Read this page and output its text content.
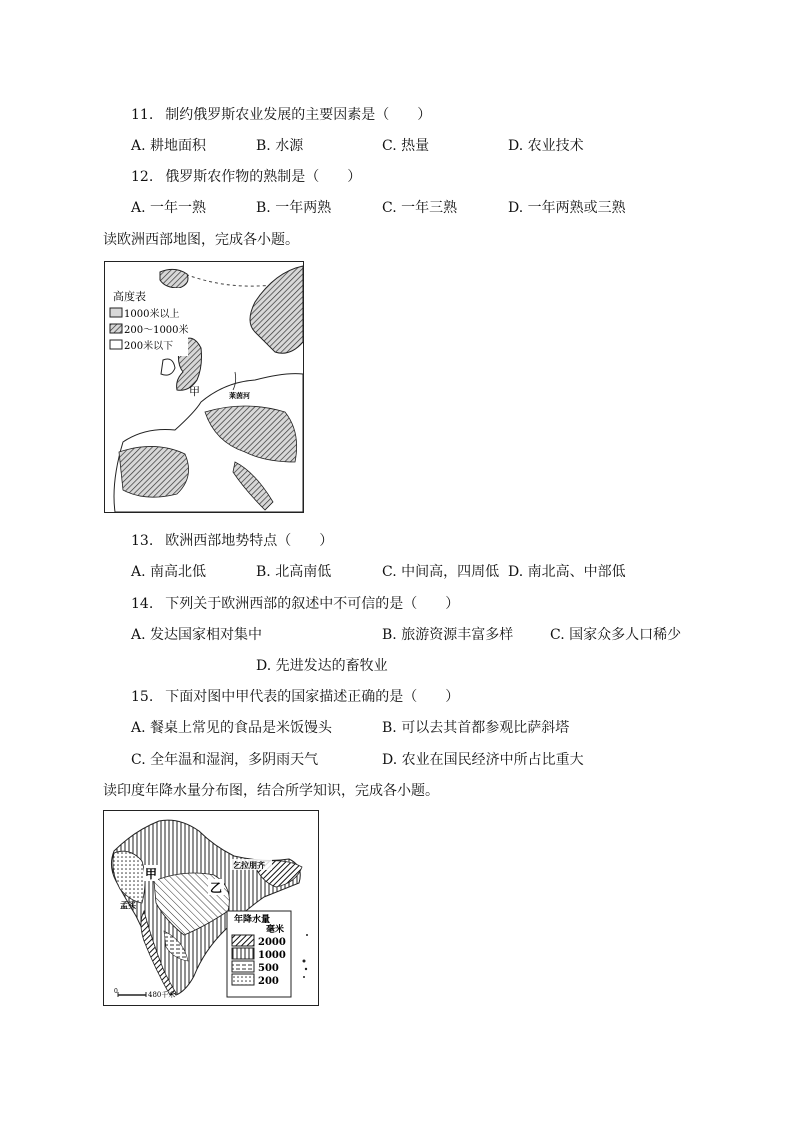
11. 制约俄罗斯农业发展的主要因素是（　　）
A. 耕地面积	B. 水源	C. 热量	D. 农业技术
12. 俄罗斯农作物的熟制是（　　）
A. 一年一熟	B. 一年两熟	C. 一年三熟	D. 一年两熟或三熟
读欧洲西部地图，完成各小题。
高度表
1000米以上
200～1000米
200米以下
甲	莱茵河
13. 欧洲西部地势特点（　　）
A. 南高北低	B. 北高南低	C. 中间高，四周低 D. 南北高、中部低
14. 下列关于欧洲西部的叙述中不可信的是（　　）
A. 发达国家相对集中	B. 旅游资源丰富多样	C. 国家众多人口稀少
D. 先进发达的畜牧业
15. 下面对图中甲代表的国家描述正确的是（　　）
A. 餐桌上常见的食品是米饭馒头	B. 可以去其首都参观比萨斜塔
C. 全年温和湿润，多阴雨天气	D. 农业在国民经济中所占比重大
读印度年降水量分布图，结合所学知识，完成各小题。
甲
乙
孟买
乞拉朋齐
年降水量
毫米
2000
1000
500
200
0	480千米
